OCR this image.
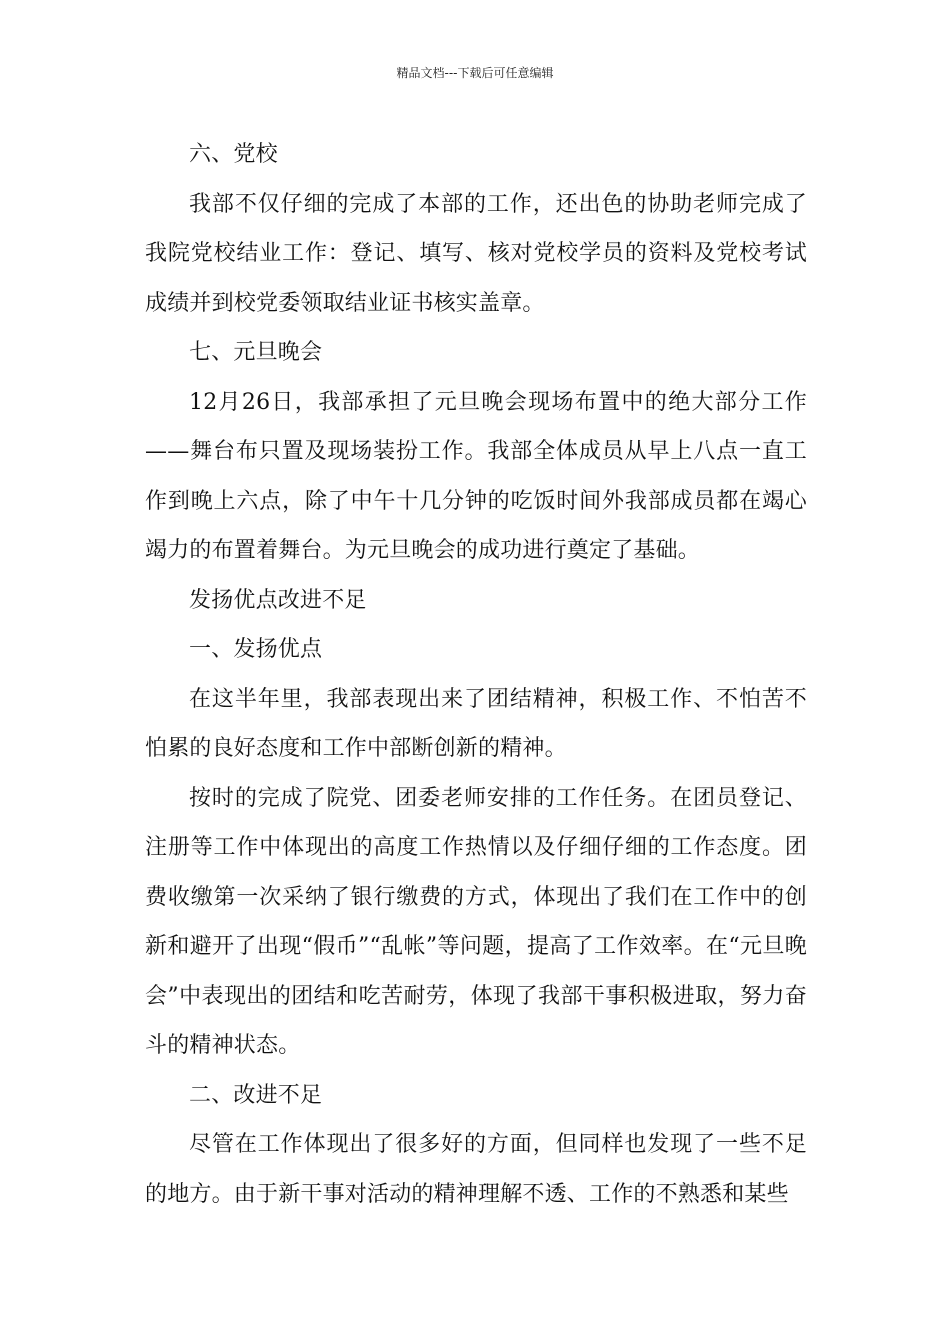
精品文档---下载后可任意编辑

六、党校

我部不仅仔细的完成了本部的工作，还出色的协助老师完成了我院党校结业工作：登记、填写、核对党校学员的资料及党校考试成绩并到校党委领取结业证书核实盖章。

七、元旦晚会

12月26日，我部承担了元旦晚会现场布置中的绝大部分工作——舞台布只置及现场装扮工作。我部全体成员从早上八点一直工作到晚上六点，除了中午十几分钟的吃饭时间外我部成员都在竭心竭力的布置着舞台。为元旦晚会的成功进行奠定了基础。

发扬优点改进不足

一、发扬优点

在这半年里，我部表现出来了团结精神，积极工作、不怕苦不怕累的良好态度和工作中部断创新的精神。

按时的完成了院党、团委老师安排的工作任务。在团员登记、注册等工作中体现出的高度工作热情以及仔细仔细的工作态度。团费收缴第一次采纳了银行缴费的方式，体现出了我们在工作中的创新和避开了出现“假币”“乱帐”等问题，提高了工作效率。在“元旦晚会”中表现出的团结和吃苦耐劳，体现了我部干事积极进取，努力奋斗的精神状态。

二、改进不足

尽管在工作体现出了很多好的方面，但同样也发现了一些不足的地方。由于新干事对活动的精神理解不透、工作的不熟悉和某些
